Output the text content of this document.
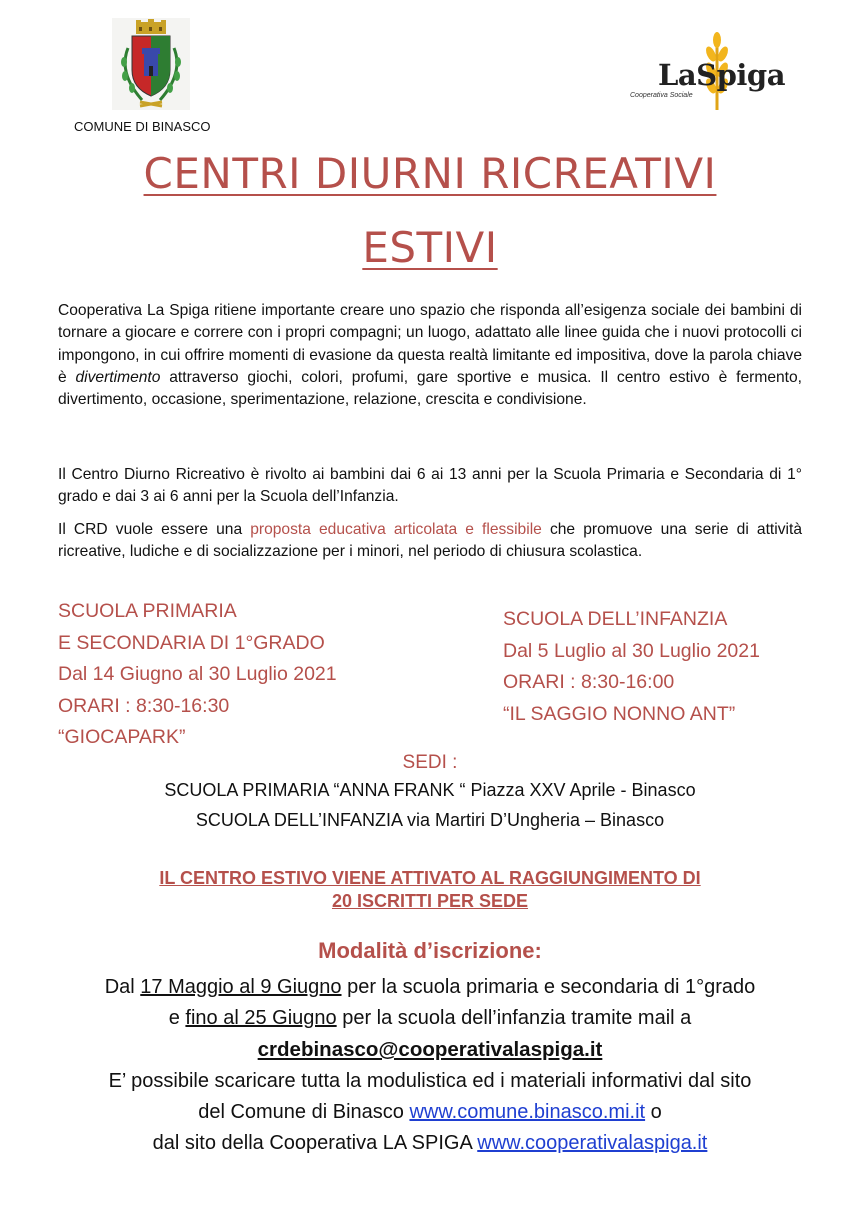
COMUNE DI BINASCO
LaSpiga
Cooperativa Sociale
CENTRI DIURNI RICREATIVI
ESTIVI
Cooperativa La Spiga ritiene importante creare uno spazio che risponda all’esigenza sociale dei bambini di tornare a giocare e correre con i propri compagni; un luogo, adattato alle linee guida che i nuovi protocolli ci impongono, in cui offrire momenti di evasione da questa realtà limitante ed impositiva, dove la parola chiave è divertimento attraverso giochi, colori, profumi, gare sportive e musica. Il centro estivo è fermento, divertimento, occasione, sperimentazione, relazione, crescita e condivisione.
Il Centro Diurno Ricreativo è rivolto ai bambini dai 6 ai 13 anni per la Scuola Primaria e Secondaria di 1° grado e dai 3 ai 6 anni per la Scuola dell’Infanzia.
Il CRD vuole essere una proposta educativa articolata e flessibile che promuove una serie di attività ricreative, ludiche e di socializzazione per i minori, nel periodo di chiusura scolastica.
SCUOLA PRIMARIA
E SECONDARIA DI 1°GRADO
Dal 14 Giugno al 30 Luglio 2021
ORARI : 8:30-16:30
“GIOCAPARK”
SCUOLA DELL’INFANZIA
Dal 5 Luglio al 30 Luglio 2021
ORARI : 8:30-16:00
“IL SAGGIO NONNO ANT”
SEDI :
SCUOLA PRIMARIA “ANNA FRANK “ Piazza XXV Aprile - Binasco
SCUOLA DELL’INFANZIA via Martiri D’Ungheria – Binasco
IL CENTRO ESTIVO VIENE ATTIVATO AL RAGGIUNGIMENTO DI
20 ISCRITTI PER SEDE
Modalità d’iscrizione:
Dal 17 Maggio al 9 Giugno per la scuola primaria e secondaria di 1°grado
e fino al 25 Giugno per la scuola dell’infanzia tramite mail a
crdebinasco@cooperativalaspiga.it
E’ possibile scaricare tutta la modulistica ed i materiali informativi dal sito
del Comune di Binasco www.comune.binasco.mi.it o
dal sito della Cooperativa LA SPIGA www.cooperativalaspiga.it
